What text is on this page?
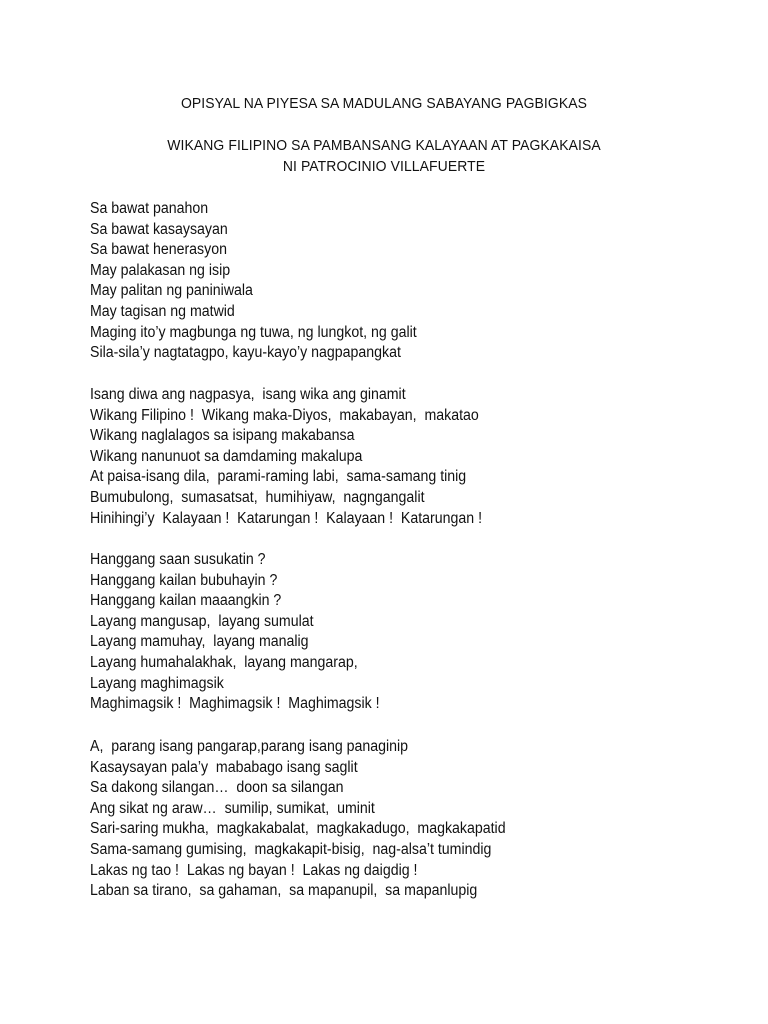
OPISYAL NA PIYESA SA MADULANG SABAYANG PAGBIGKAS
WIKANG FILIPINO SA PAMBANSANG KALAYAAN AT PAGKAKAISA
NI PATROCINIO VILLAFUERTE
Sa bawat panahon
Sa bawat kasaysayan
Sa bawat henerasyon
May palakasan ng isip
May palitan ng paniniwala
May tagisan ng matwid
Maging ito’y magbunga ng tuwa, ng lungkot, ng galit
Sila-sila’y nagtatagpo, kayu-kayo’y nagpapangkat
Isang diwa ang nagpasya,  isang wika ang ginamit
Wikang Filipino !  Wikang maka-Diyos,  makabayan,  makatao
Wikang naglalagos sa isipang makabansa
Wikang nanunuot sa damdaming makalupa
At paisa-isang dila,  parami-raming labi,  sama-samang tinig
Bumubulong,  sumasatsat,  humihiyaw,  nagngangalit
Hinihingi’y  Kalayaan !  Katarungan !  Kalayaan !  Katarungan !
Hanggang saan susukatin ?
Hanggang kailan bubuhayin ?
Hanggang kailan maaangkin ?
Layang mangusap,  layang sumulat
Layang mamuhay,  layang manalig
Layang humahalakhak,  layang mangarap,
Layang maghimagsik
Maghimagsik !  Maghimagsik !  Maghimagsik !
A,  parang isang pangarap,parang isang panaginip
Kasaysayan pala’y  mababago isang saglit
Sa dakong silangan…  doon sa silangan
Ang sikat ng araw…  sumilip, sumikat,  uminit
Sari-saring mukha,  magkakabalat,  magkakadugo,  magkakapatid
Sama-samang gumising,  magkakapit-bisig,  nag-alsa’t tumindig
Lakas ng tao !  Lakas ng bayan !  Lakas ng daigdig !
Laban sa tirano,  sa gahaman,  sa mapanupil,  sa mapanlupig
